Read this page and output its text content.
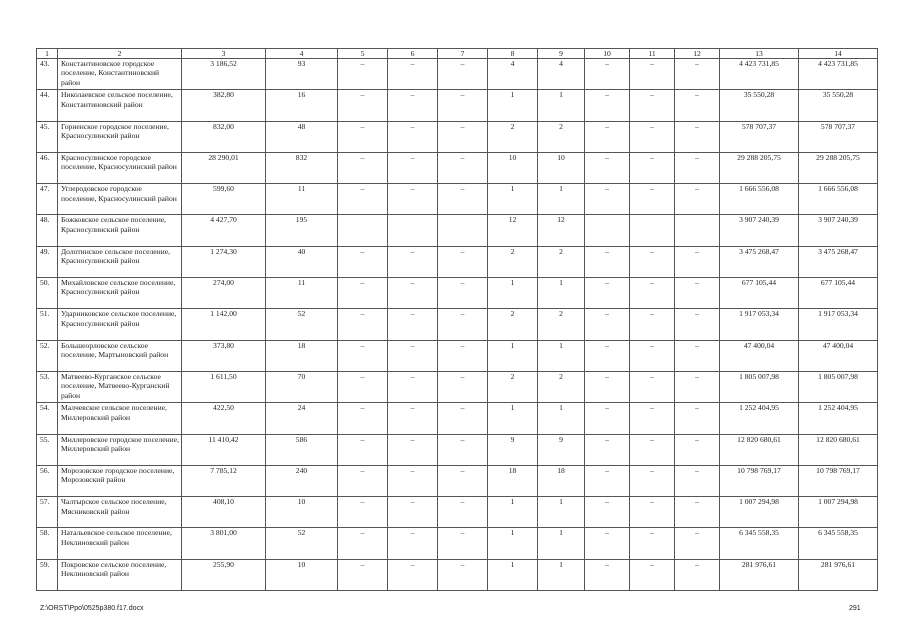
1	2	3	4	5	6	7	8	9	10	11	12	13	14
43.	Константиновское городское поселение, Константиновский район	3 186,52	93	–	–	–	4	4	–	–	–	4 423 731,85	4 423 731,85
44.	Николаевское сельское поселение, Константиновский район	382,80	16	–	–	–	1	1	–	–	–	35 550,28	35 550,28
45.	Горненское городское поселение, Красносулинский район	832,00	48	–	–	–	2	2	–	–	–	578 707,37	578 707,37
46.	Красносулинское городское поселение, Красносулинский район	28 290,01	832	–	–	–	10	10	–	–	–	29 288 205,75	29 288 205,75
47.	Углеродовское городское поселение, Красносулинский район	599,60	11	–	–	–	1	1	–	–	–	1 666 556,08	1 666 556,08
48.	Божковское сельское поселение, Красносулинский район	4 427,70	195				12	12				3 907 240,39	3 907 240,39
49.	Долотинское сельское поселение, Красносулинский район	1 274,30	40	–	–	–	2	2	–	–	–	3 475 268,47	3 475 268,47
50.	Михайловское сельское поселение, Красносулинский район	274,00	11	–	–	–	1	1	–	–	–	677 105,44	677 105,44
51.	Ударниковское сельское поселение, Красносулинский район	1 142,00	52	–	–	–	2	2	–	–	–	1 917 053,34	1 917 053,34
52.	Большеорловское сельское поселение, Мартыновский район	373,80	18	–	–	–	1	1	–	–	–	47 400,04	47 400,04
53.	Матвеево-Курганское сельское поселение, Матвеево-Курганский район	1 611,50	70	–	–	–	2	2	–	–	–	1 805 007,98	1 805 007,98
54.	Малчевское сельское поселение, Миллеровский район	422,50	24	–	–	–	1	1	–	–	–	1 252 404,95	1 252 404,95
55.	Миллеровское городское поселение, Миллеровский район	11 410,42	586	–	–	–	9	9	–	–	–	12 820 680,61	12 820 680,61
56.	Морозовское городское поселение, Морозовский район	7 785,12	240	–	–	–	18	18	–	–	–	10 798 769,17	10 798 769,17
57.	Чалтырское сельское поселение, Мясниковский район	408,10	10	–	–	–	1	1	–	–	–	1 007 294,98	1 007 294,98
58.	Натальевское сельское поселение, Неклиновский район	3 801,00	52	–	–	–	1	1	–	–	–	6 345 558,35	6 345 558,35
59.	Покровское сельское поселение, Неклиновский район	255,90	10	–	–	–	1	1	–	–	–	281 976,61	281 976,61
Z:\ORST\Ppo\0525p380.f17.docx	291
